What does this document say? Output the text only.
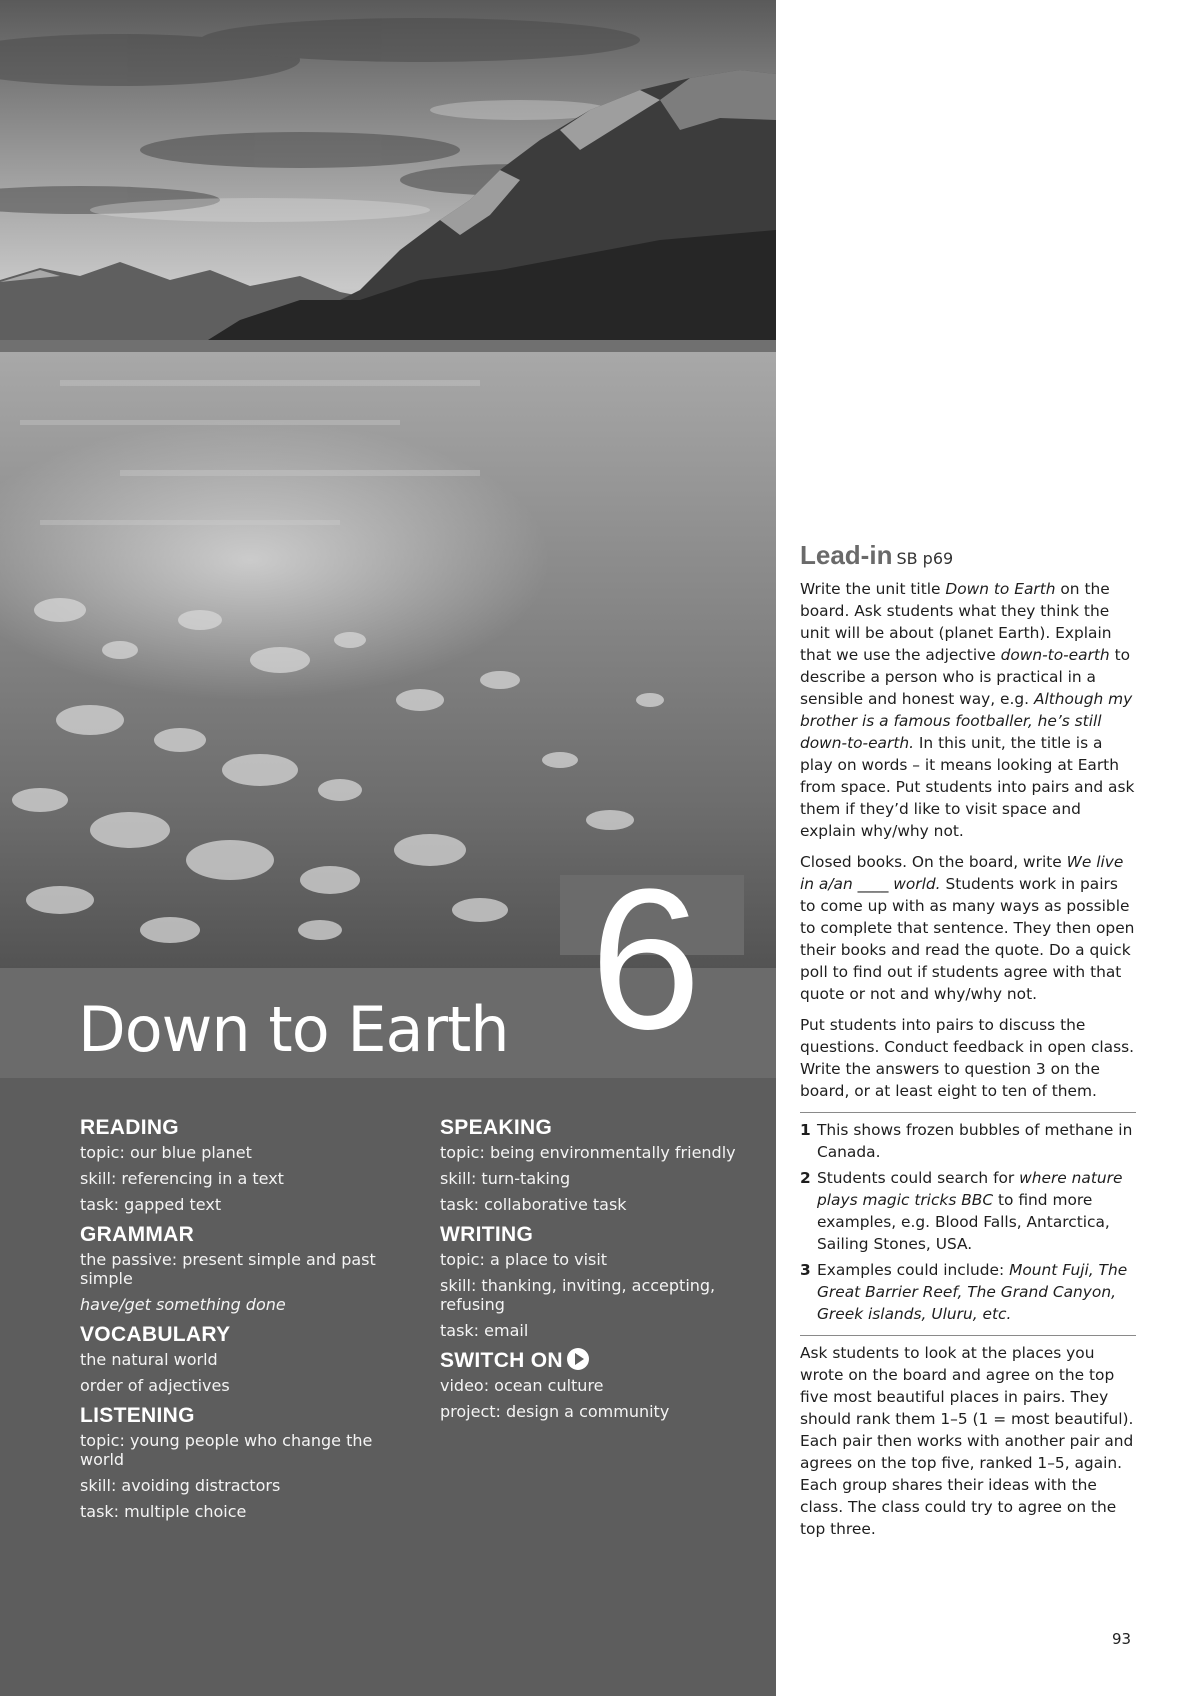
6
Down to Earth
READING
topic: our blue planet
skill: referencing in a text
task: gapped text
GRAMMAR
the passive: present simple and past simple
have/get something done
VOCABULARY
the natural world
order of adjectives
LISTENING
topic: young people who change the world
skill: avoiding distractors
task: multiple choice
SPEAKING
topic: being environmentally friendly
skill: turn-taking
task: collaborative task
WRITING
topic: a place to visit
skill: thanking, inviting, accepting, refusing
task: email
SWITCH ON
video: ocean culture
project: design a community
Lead-in SB p69

Write the unit title Down to Earth on the board. Ask students what they think the unit will be about (planet Earth). Explain that we use the adjective down-to-earth to describe a person who is practical in a sensible and honest way, e.g. Although my brother is a famous footballer, he’s still down-to-earth. In this unit, the title is a play on words – it means looking at Earth from space. Put students into pairs and ask them if they’d like to visit space and explain why/why not.

Closed books. On the board, write We live in a/an ____ world. Students work in pairs to come up with as many ways as possible to complete that sentence. They then open their books and read the quote. Do a quick poll to find out if students agree with that quote or not and why/why not.

Put students into pairs to discuss the questions. Conduct feedback in open class. Write the answers to question 3 on the board, or at least eight to ten of them.

1 This shows frozen bubbles of methane in Canada.
2 Students could search for where nature plays magic tricks BBC to find more examples, e.g. Blood Falls, Antarctica, Sailing Stones, USA.
3 Examples could include: Mount Fuji, The Great Barrier Reef, The Grand Canyon, Greek islands, Uluru, etc.

Ask students to look at the places you wrote on the board and agree on the top five most beautiful places in pairs. They should rank them 1–5 (1 = most beautiful). Each pair then works with another pair and agrees on the top five, ranked 1–5, again. Each group shares their ideas with the class. The class could try to agree on the top three.

93
